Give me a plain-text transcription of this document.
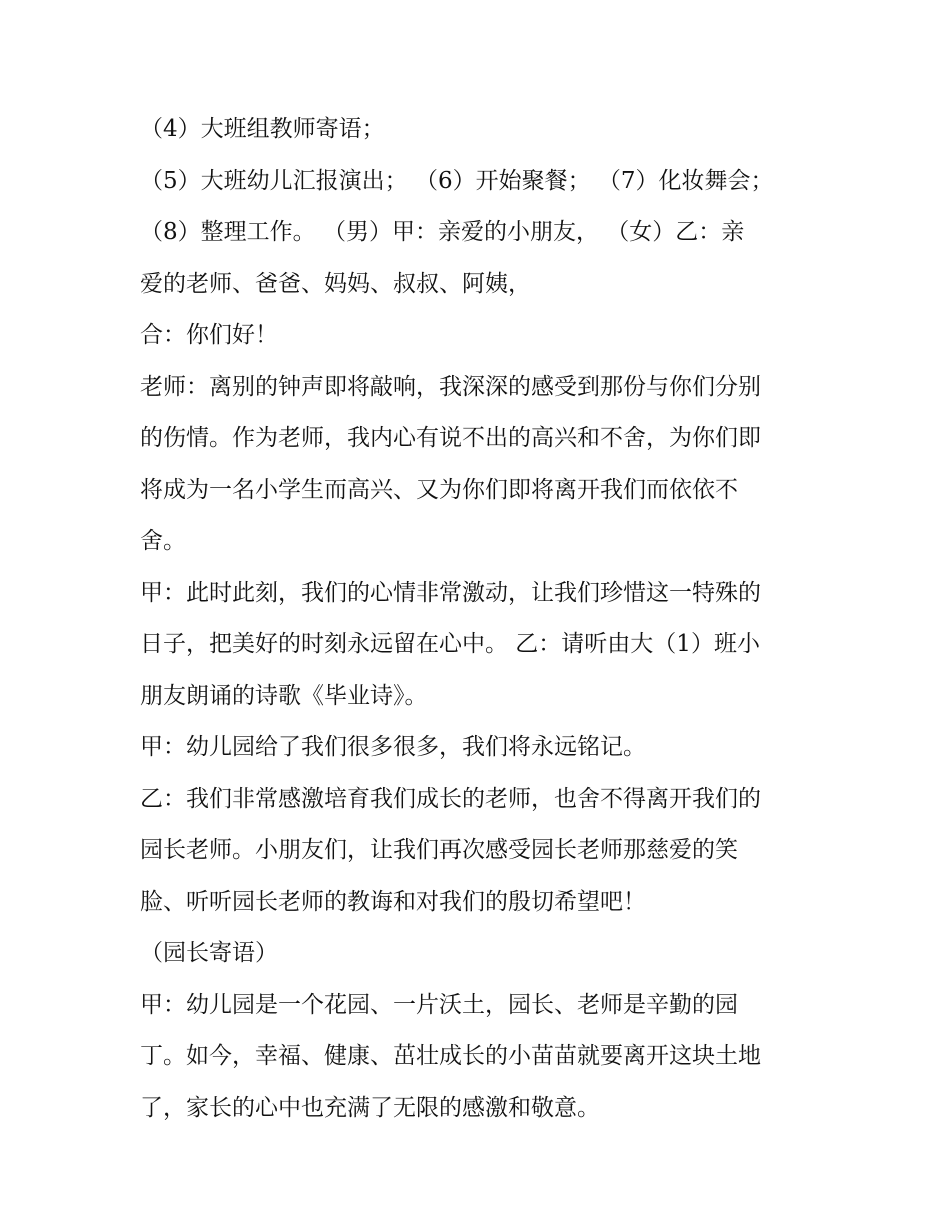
（4）大班组教师寄语；
（5）大班幼儿汇报演出； （6）开始聚餐； （7）化妆舞会；
（8）整理工作。 （男）甲：亲爱的小朋友， （女）乙：亲
爱的老师、爸爸、妈妈、叔叔、阿姨，
合：你们好！
老师：离别的钟声即将敲响，我深深的感受到那份与你们分别
的伤情。作为老师，我内心有说不出的高兴和不舍，为你们即
将成为一名小学生而高兴、又为你们即将离开我们而依依不
舍。
甲：此时此刻，我们的心情非常激动，让我们珍惜这一特殊的
日子，把美好的时刻永远留在心中。 乙：请听由大（1）班小
朋友朗诵的诗歌《毕业诗》。
甲：幼儿园给了我们很多很多，我们将永远铭记。
乙：我们非常感激培育我们成长的老师，也舍不得离开我们的
园长老师。小朋友们，让我们再次感受园长老师那慈爱的笑
脸、听听园长老师的教诲和对我们的殷切希望吧！
（园长寄语）
甲：幼儿园是一个花园、一片沃土，园长、老师是辛勤的园
丁。如今，幸福、健康、茁壮成长的小苗苗就要离开这块土地
了，家长的心中也充满了无限的感激和敬意。
